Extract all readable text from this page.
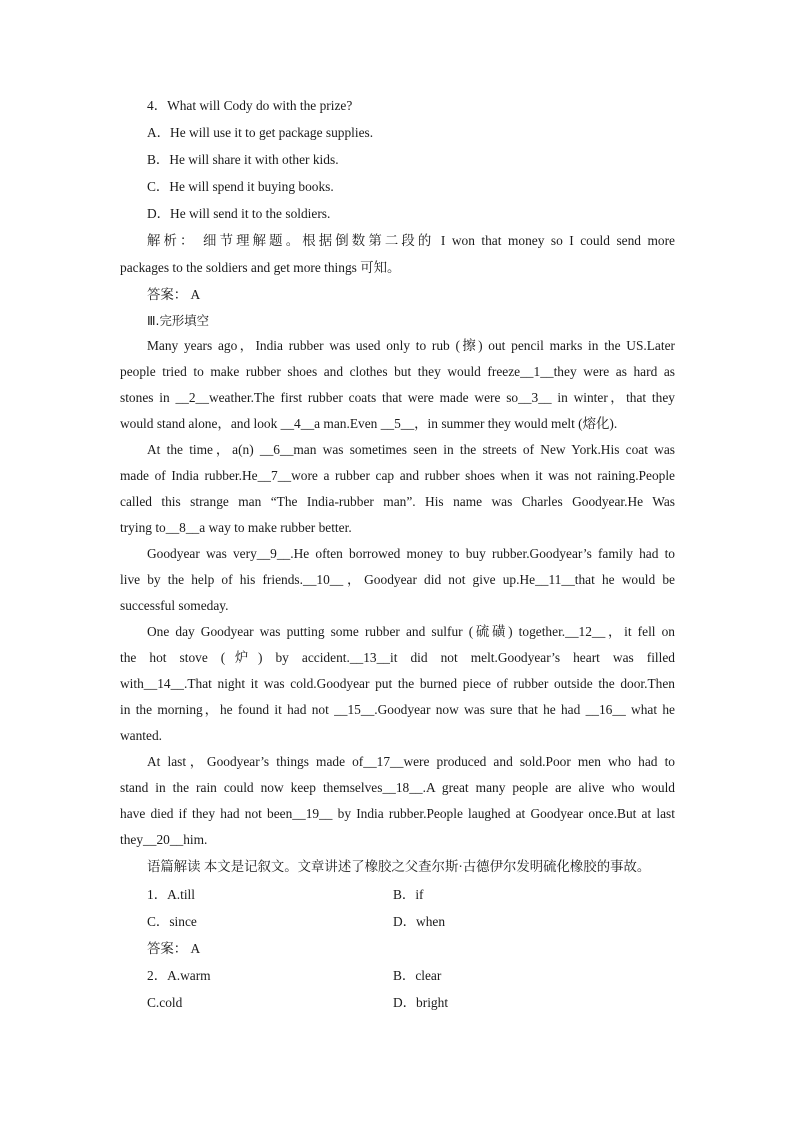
4．What will Cody do with the prize?
A．He will use it to get package supplies.
B．He will share it with other kids.
C．He will spend it buying books.
D．He will send it to the soldiers.
解析： 细节理解题。根据倒数第二段的 I won that money so I could send more
packages to the soldiers and get more things 可知。
答案： A
Ⅲ.完形填空
Many years ago，India rubber was used only to rub (擦) out pencil marks in the US.Later
people tried to make rubber shoes and clothes but they would freeze__1__they were as hard as
stones in __2__weather.The first rubber coats that were made were so__3__ in winter，that they
would stand alone，and look __4__a man.Even __5__，in summer they would melt (熔化).
At the time，a(n) __6__man was sometimes seen in the streets of New York.His coat was
made of India rubber.He__7__wore a rubber cap and rubber shoes when it was not raining.People
called this strange man “The India-rubber man”. His name was Charles Goodyear.He Was
trying to__8__a way to make rubber better.
Goodyear was very__9__.He often borrowed money to buy rubber.Goodyear’s family had to
live by the help of his friends.__10__，Goodyear did not give up.He__11__that he would be
successful someday.
One day Goodyear was putting some rubber and sulfur (硫磺) together.__12__，it fell on
the hot stove (炉) by accident.__13__it did not melt.Goodyear’s heart was filled
with__14__.That night it was cold.Goodyear put the burned piece of rubber outside the door.Then
in the morning，he found it had not __15__.Goodyear now was sure that he had __16__ what he
wanted.
At last，Goodyear’s things made of__17__were produced and sold.Poor men who had to
stand in the rain could now keep themselves__18__.A great many people are alive who would
have died if they had not been__19__ by India rubber.People laughed at Goodyear once.But at last
they__20__him.
语篇解读 本文是记叙文。文章讲述了橡胶之父查尔斯·古德伊尔发明硫化橡胶的事故。
1．A.till	B．if
C．since	D．when
答案： A
2．A.warm	B．clear
C.cold	D．bright
